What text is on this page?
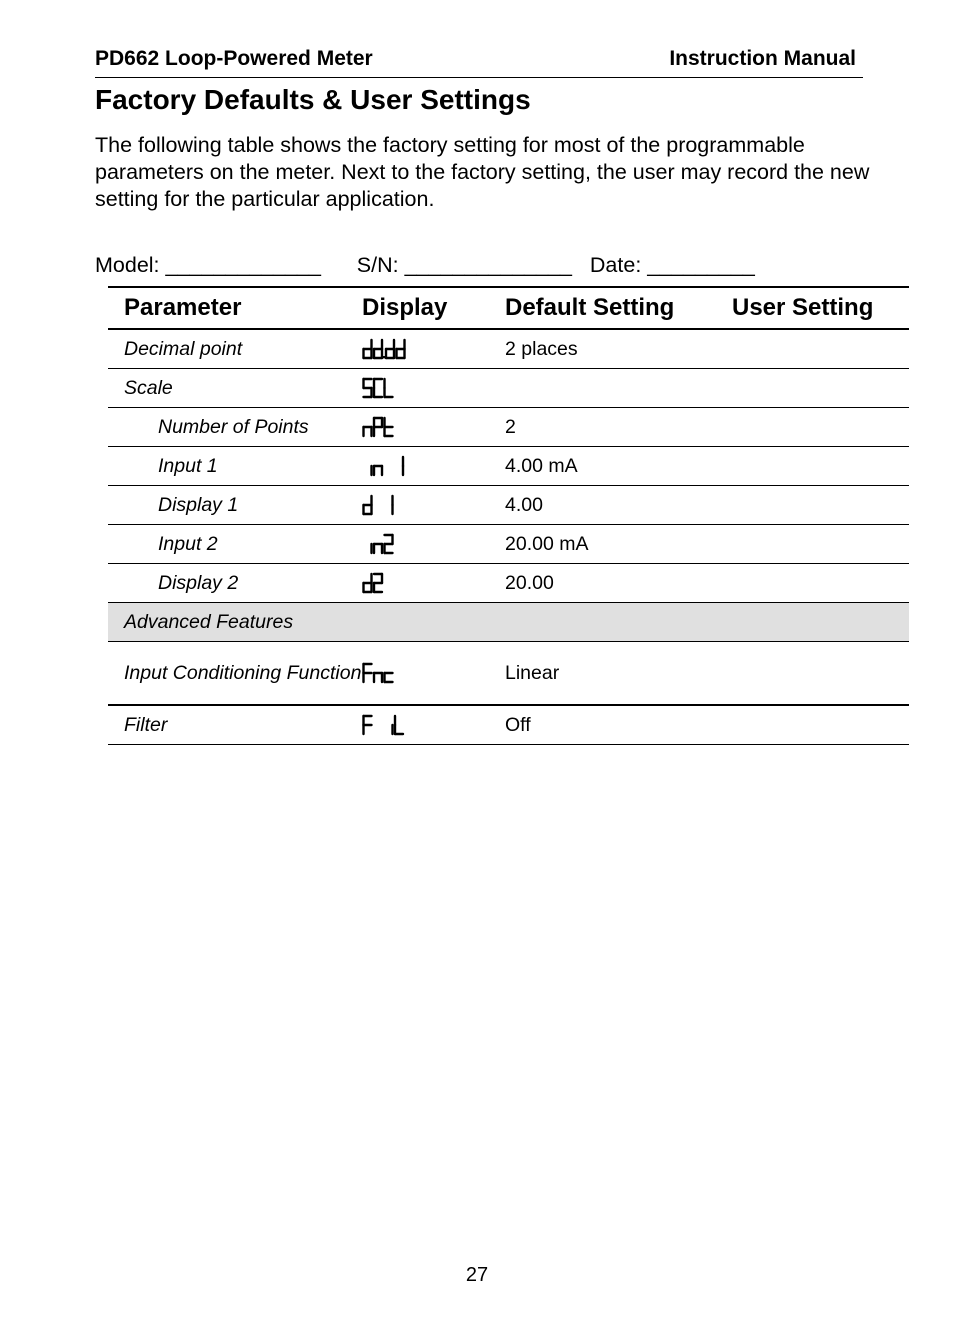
PD662 Loop-Powered Meter	Instruction Manual
Factory Defaults & User Settings

The following table shows the factory setting for most of the programmable parameters on the meter. Next to the factory setting, the user may record the new setting for the particular application.

Model: _____________      S/N: ______________   Date: _________
Parameter	Display	Default Setting	User Setting
Decimal point		2 places	
Scale	

Number of Points		2	
Input 1		4.00 mA	
Display 1		4.00	
Input 2		20.00 mA	
Display 2		20.00	
Advanced Features			
Input Conditioning Function		Linear	
Filter		Off	
27
